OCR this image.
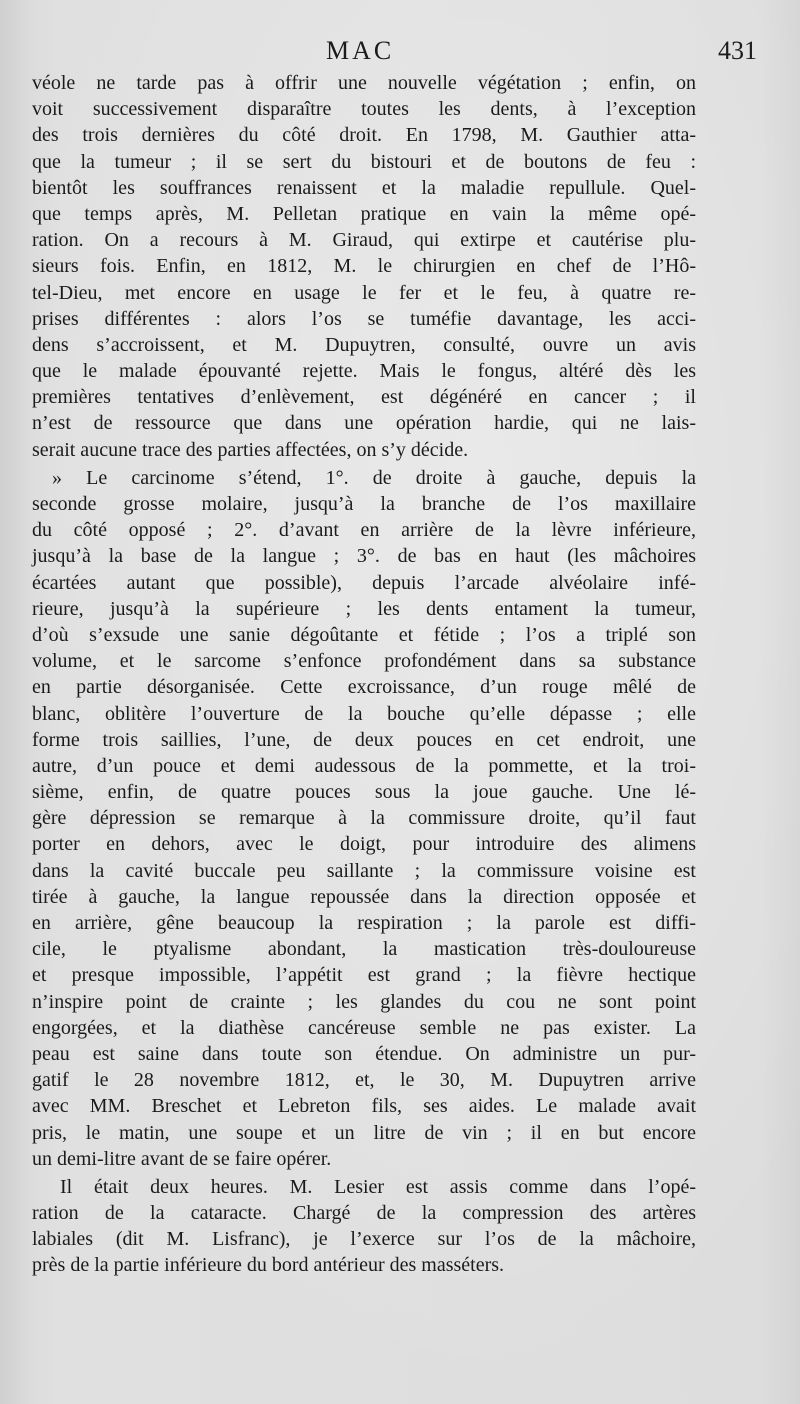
MAC	431
véole ne tarde pas à offrir une nouvelle végétation ; enfin, on
voit successivement disparaître toutes les dents, à l’exception
des trois dernières du côté droit. En 1798, M. Gauthier atta-
que la tumeur ; il se sert du bistouri et de boutons de feu :
bientôt les souffrances renaissent et la maladie repullule. Quel-
que temps après, M. Pelletan pratique en vain la même opé-
ration. On a recours à M. Giraud, qui extirpe et cautérise plu-
sieurs fois. Enfin, en 1812, M. le chirurgien en chef de l’Hô-
tel-Dieu, met encore en usage le fer et le feu, à quatre re-
prises différentes : alors l’os se tuméfie davantage, les acci-
dens s’accroissent, et M. Dupuytren, consulté, ouvre un avis
que le malade épouvanté rejette. Mais le fongus, altéré dès les
premières tentatives d’enlèvement, est dégénéré en cancer ; il
n’est de ressource que dans une opération hardie, qui ne lais-
serait aucune trace des parties affectées, on s’y décide.
» Le carcinome s’étend, 1°. de droite à gauche, depuis la
seconde grosse molaire, jusqu’à la branche de l’os maxillaire
du côté opposé ; 2°. d’avant en arrière de la lèvre inférieure,
jusqu’à la base de la langue ; 3°. de bas en haut (les mâchoires
écartées autant que possible), depuis l’arcade alvéolaire infé-
rieure, jusqu’à la supérieure ; les dents entament la tumeur,
d’où s’exsude une sanie dégoûtante et fétide ; l’os a triplé son
volume, et le sarcome s’enfonce profondément dans sa substance
en partie désorganisée. Cette excroissance, d’un rouge mêlé de
blanc, oblitère l’ouverture de la bouche qu’elle dépasse ; elle
forme trois saillies, l’une, de deux pouces en cet endroit, une
autre, d’un pouce et demi audessous de la pommette, et la troi-
sième, enfin, de quatre pouces sous la joue gauche. Une lé-
gère dépression se remarque à la commissure droite, qu’il faut
porter en dehors, avec le doigt, pour introduire des alimens
dans la cavité buccale peu saillante ; la commissure voisine est
tirée à gauche, la langue repoussée dans la direction opposée et
en arrière, gêne beaucoup la respiration ; la parole est diffi-
cile, le ptyalisme abondant, la mastication très-douloureuse
et presque impossible, l’appétit est grand ; la fièvre hectique
n’inspire point de crainte ; les glandes du cou ne sont point
engorgées, et la diathèse cancéreuse semble ne pas exister. La
peau est saine dans toute son étendue. On administre un pur-
gatif le 28 novembre 1812, et, le 30, M. Dupuytren arrive
avec MM. Breschet et Lebreton fils, ses aides. Le malade avait
pris, le matin, une soupe et un litre de vin ; il en but encore
un demi-litre avant de se faire opérer.
Il était deux heures. M. Lesier est assis comme dans l’opé-
ration de la cataracte. Chargé de la compression des artères
labiales (dit M. Lisfranc), je l’exerce sur l’os de la mâchoire,
près de la partie inférieure du bord antérieur des masséters.
